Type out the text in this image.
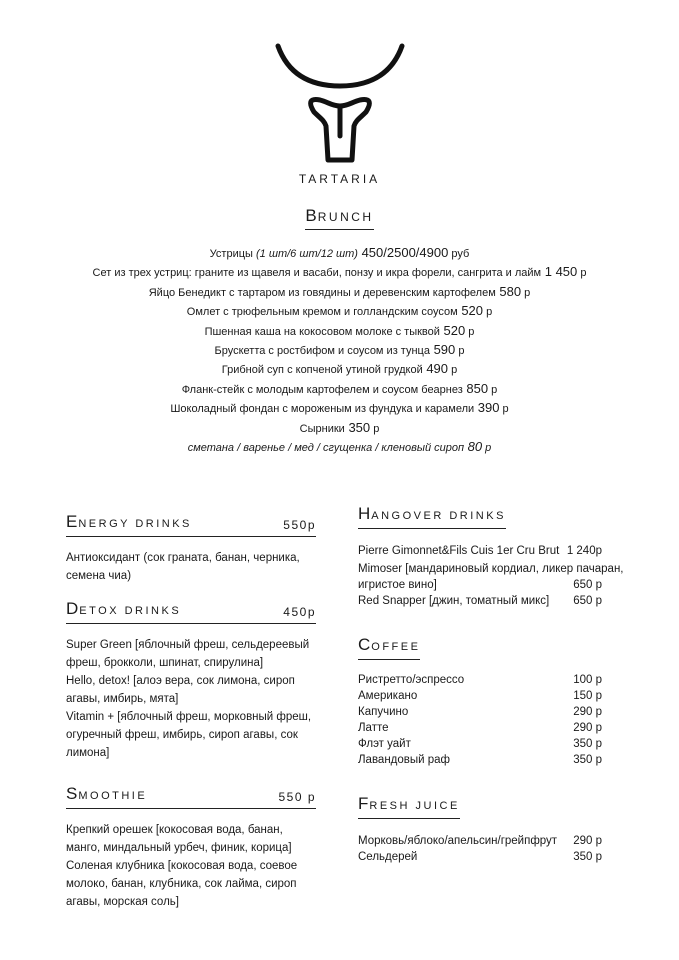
TARTARIA
BRUNCH
Устрицы (1 шт/6 шт/12 шт) 450/2500/4900 руб
Сет из трех устриц: граните из щавеля и васаби, понзу и икра форели, сангрита и лайм 1 450 р
Яйцо Бенедикт с тартаром из говядины и деревенским картофелем 580 р
Омлет с трюфельным кремом и голландским соусом 520 р
Пшенная каша на кокосовом молоке с тыквой 520 р
Брускетта с ростбифом и соусом из тунца 590 р
Грибной суп с копченой утиной грудкой 490 р
Фланк-стейк с молодым картофелем и соусом беарнез 850 р
Шоколадный фондан с мороженым из фундука и карамели 390 р
Сырники 350 р
сметана / варенье / мед / сгущенка / кленовый сироп 80 р
ENERGY DRINKS	550р
Антиоксидант (сок граната, банан, черника, семена чиа)
DETOX DRINKS	450р
Super Green [яблочный фреш, сельдереевый фреш, брокколи, шпинат, спирулина]
Hello, detox! [алоэ вера, сок лимона, сироп агавы, имбирь, мята]
Vitamin + [яблочный фреш, морковный фреш, огуречный фреш, имбирь, сироп агавы, сок лимона]
SMOOTHIE	550 р
Крепкий орешек [кокосовая вода, банан, манго, миндальный урбеч, финик, корица]
Соленая клубника [кокосовая вода, соевое молоко, банан, клубника, сок лайма, сироп агавы, морская соль]
HANGOVER DRINKS
Pierre Gimonnet&Fils Cuis 1er Cru Brut 1 240р
Mimoser [мандариновый кордиал, ликер пачаран,
игристое вино]	650 р
Red Snapper [джин, томатный микс] 650 р
COFFEE
Ристретто/эспрессо	100 р
Американо	150 р
Капучино	290 р
Латте	290 р
Флэт уайт	350 р
Лавандовый раф	350 р
FRESH JUICE
Морковь/яблоко/апельсин/грейпфрут 290 р
Сельдерей	350 р
